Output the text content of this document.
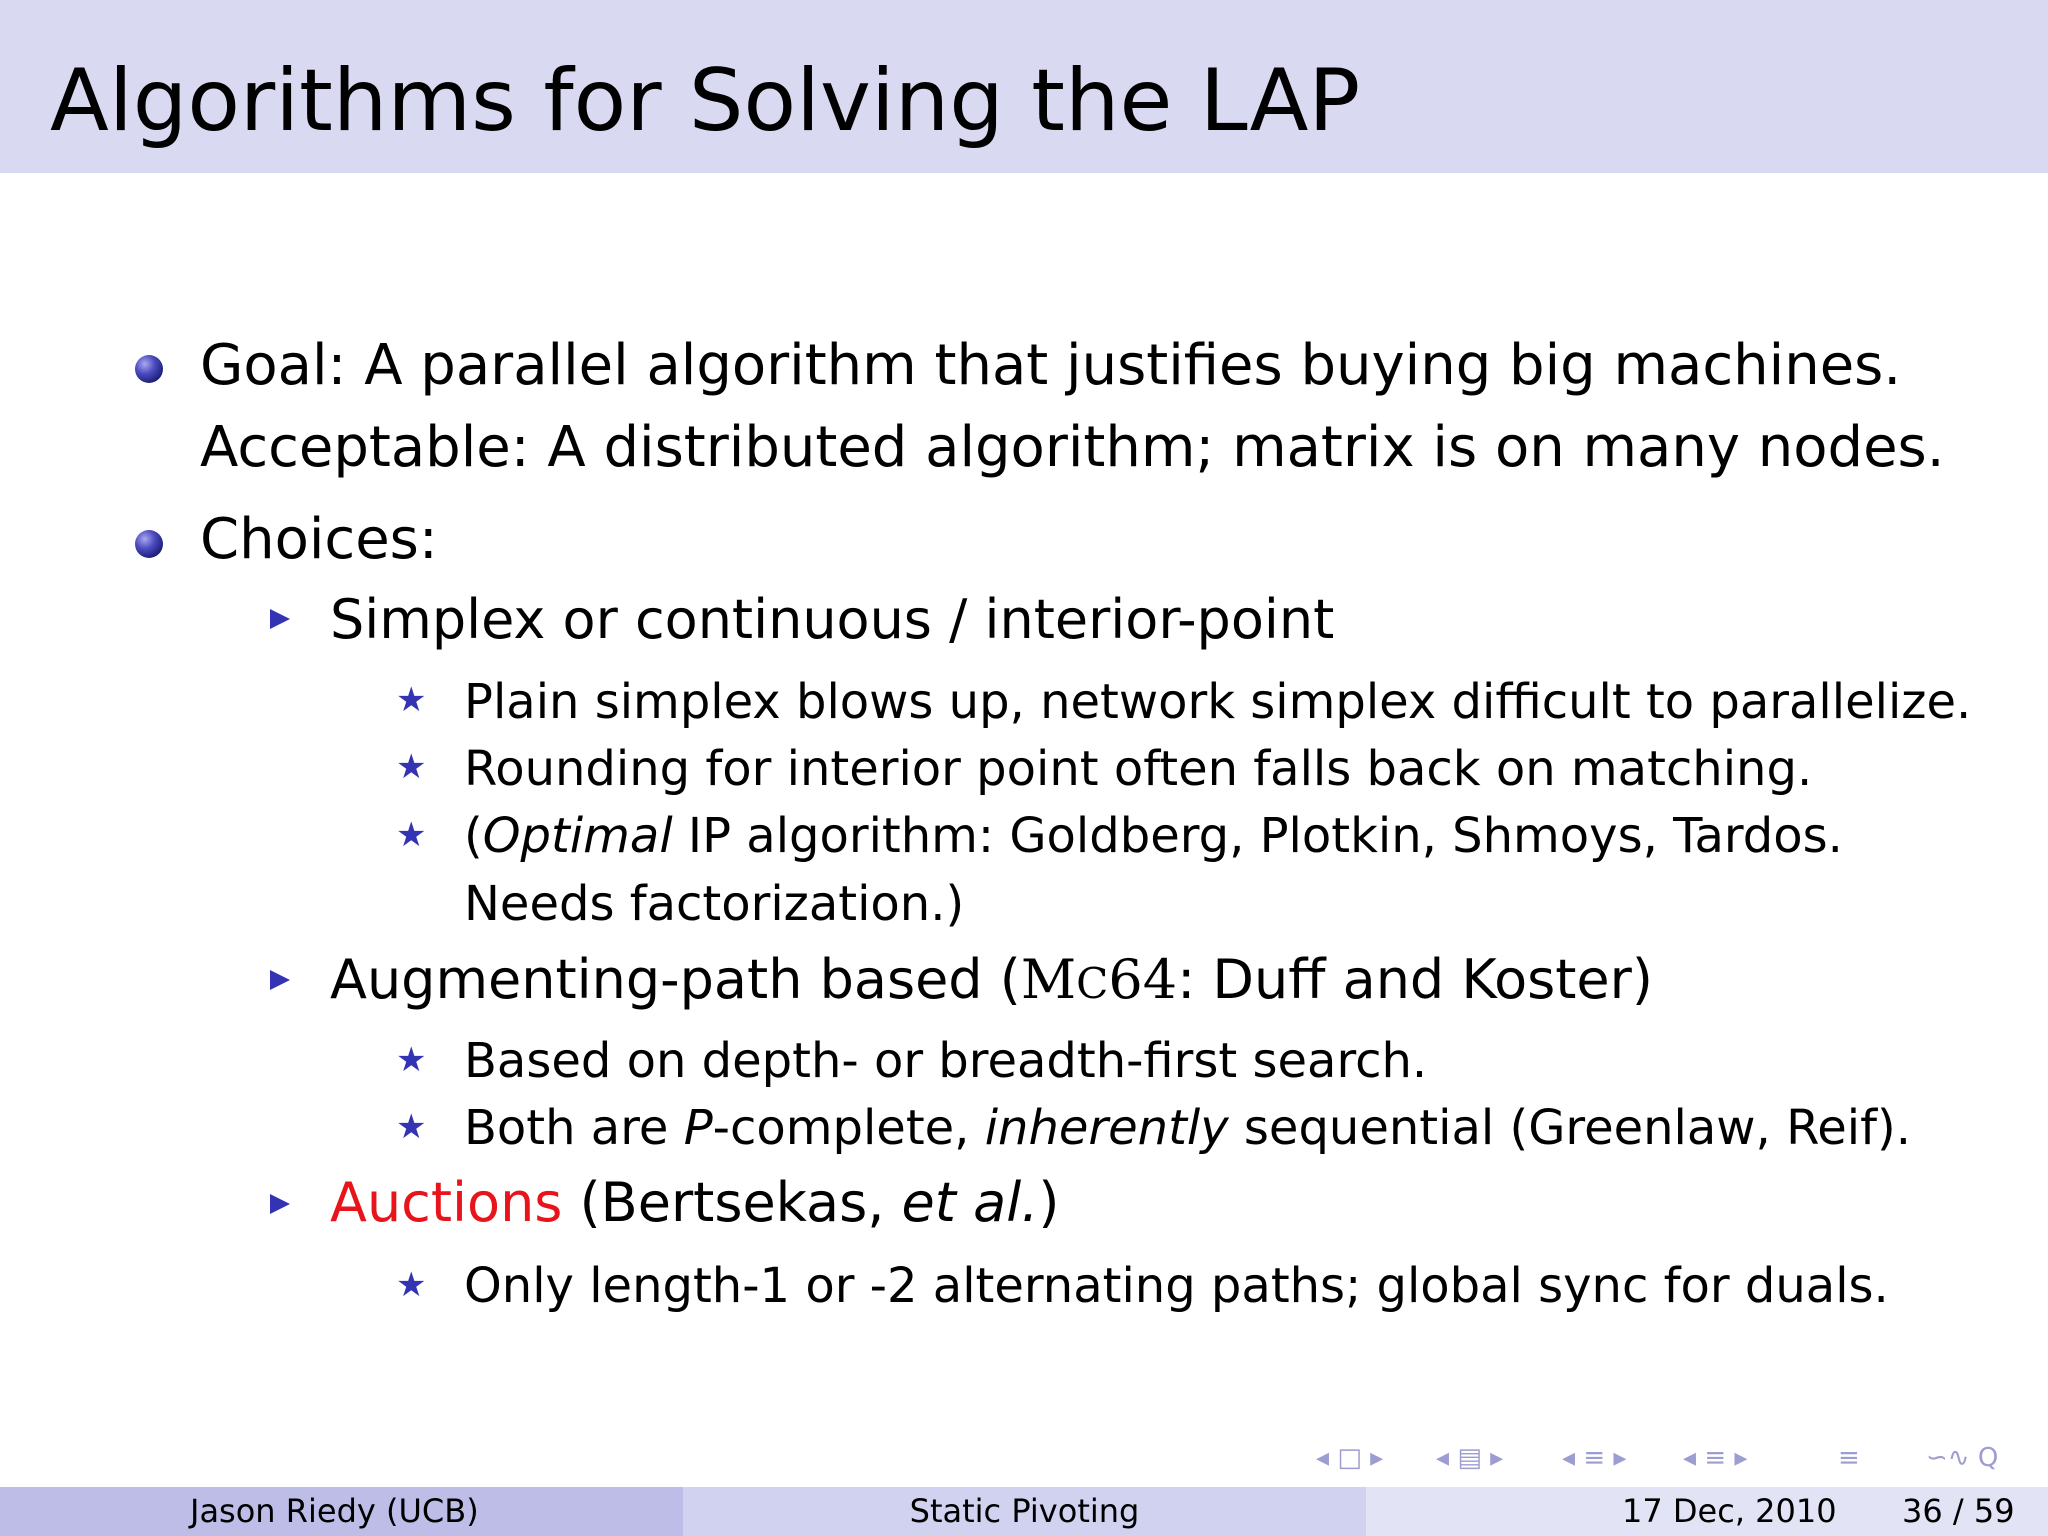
Algorithms for Solving the LAP
Goal: A parallel algorithm that justifies buying big machines.
Acceptable: A distributed algorithm; matrix is on many nodes.
Choices:
Simplex or continuous / interior-point
★ Plain simplex blows up, network simplex difficult to parallelize.
★ Rounding for interior point often falls back on matching.
★ (Optimal IP algorithm: Goldberg, Plotkin, Shmoys, Tardos.
Needs factorization.)
Augmenting-path based (MC64: Duff and Koster)
★ Based on depth- or breadth-first search.
★ Both are P-complete, inherently sequential (Greenlaw, Reif).
Auctions (Bertsekas, et al.)
★ Only length-1 or -2 alternating paths; global sync for duals.
◂ □ ▸ ◂ ▤ ▸ ◂ ≡ ▸ ◂ ≡ ▸	≡	∽∿ Q
Jason Riedy (UCB)	Static Pivoting	17 Dec, 2010 36 / 59
